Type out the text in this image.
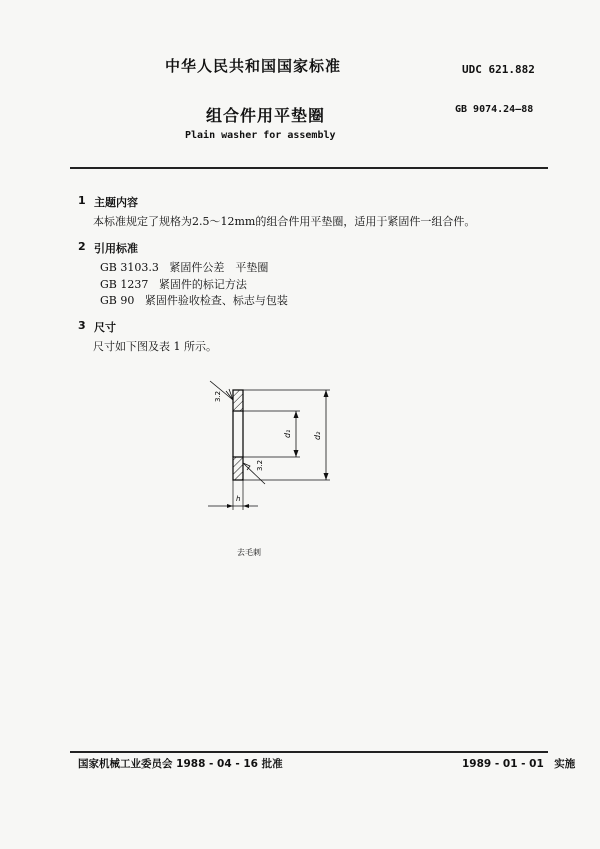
中华人民共和国国家标准	UDC 621.882
组合件用平垫圈	GB 9074.24—88
Plain washer for assembly
1 主题内容
本标准规定了规格为2.5～12mm的组合件用平垫圈，适用于紧固件一组合件。
2 引用标准
GB 3103.3 紧固件公差　平垫圈
GB 1237 紧固件的标记方法
GB 90 紧固件验收检查、标志与包装
3 尺寸
尺寸如下图及表 1 所示。
d₁	d₂
3.2
3.2
h
去毛刺
国家机械工业委员会 1988 - 04 - 16 批准	1989 - 01 - 01　实施
